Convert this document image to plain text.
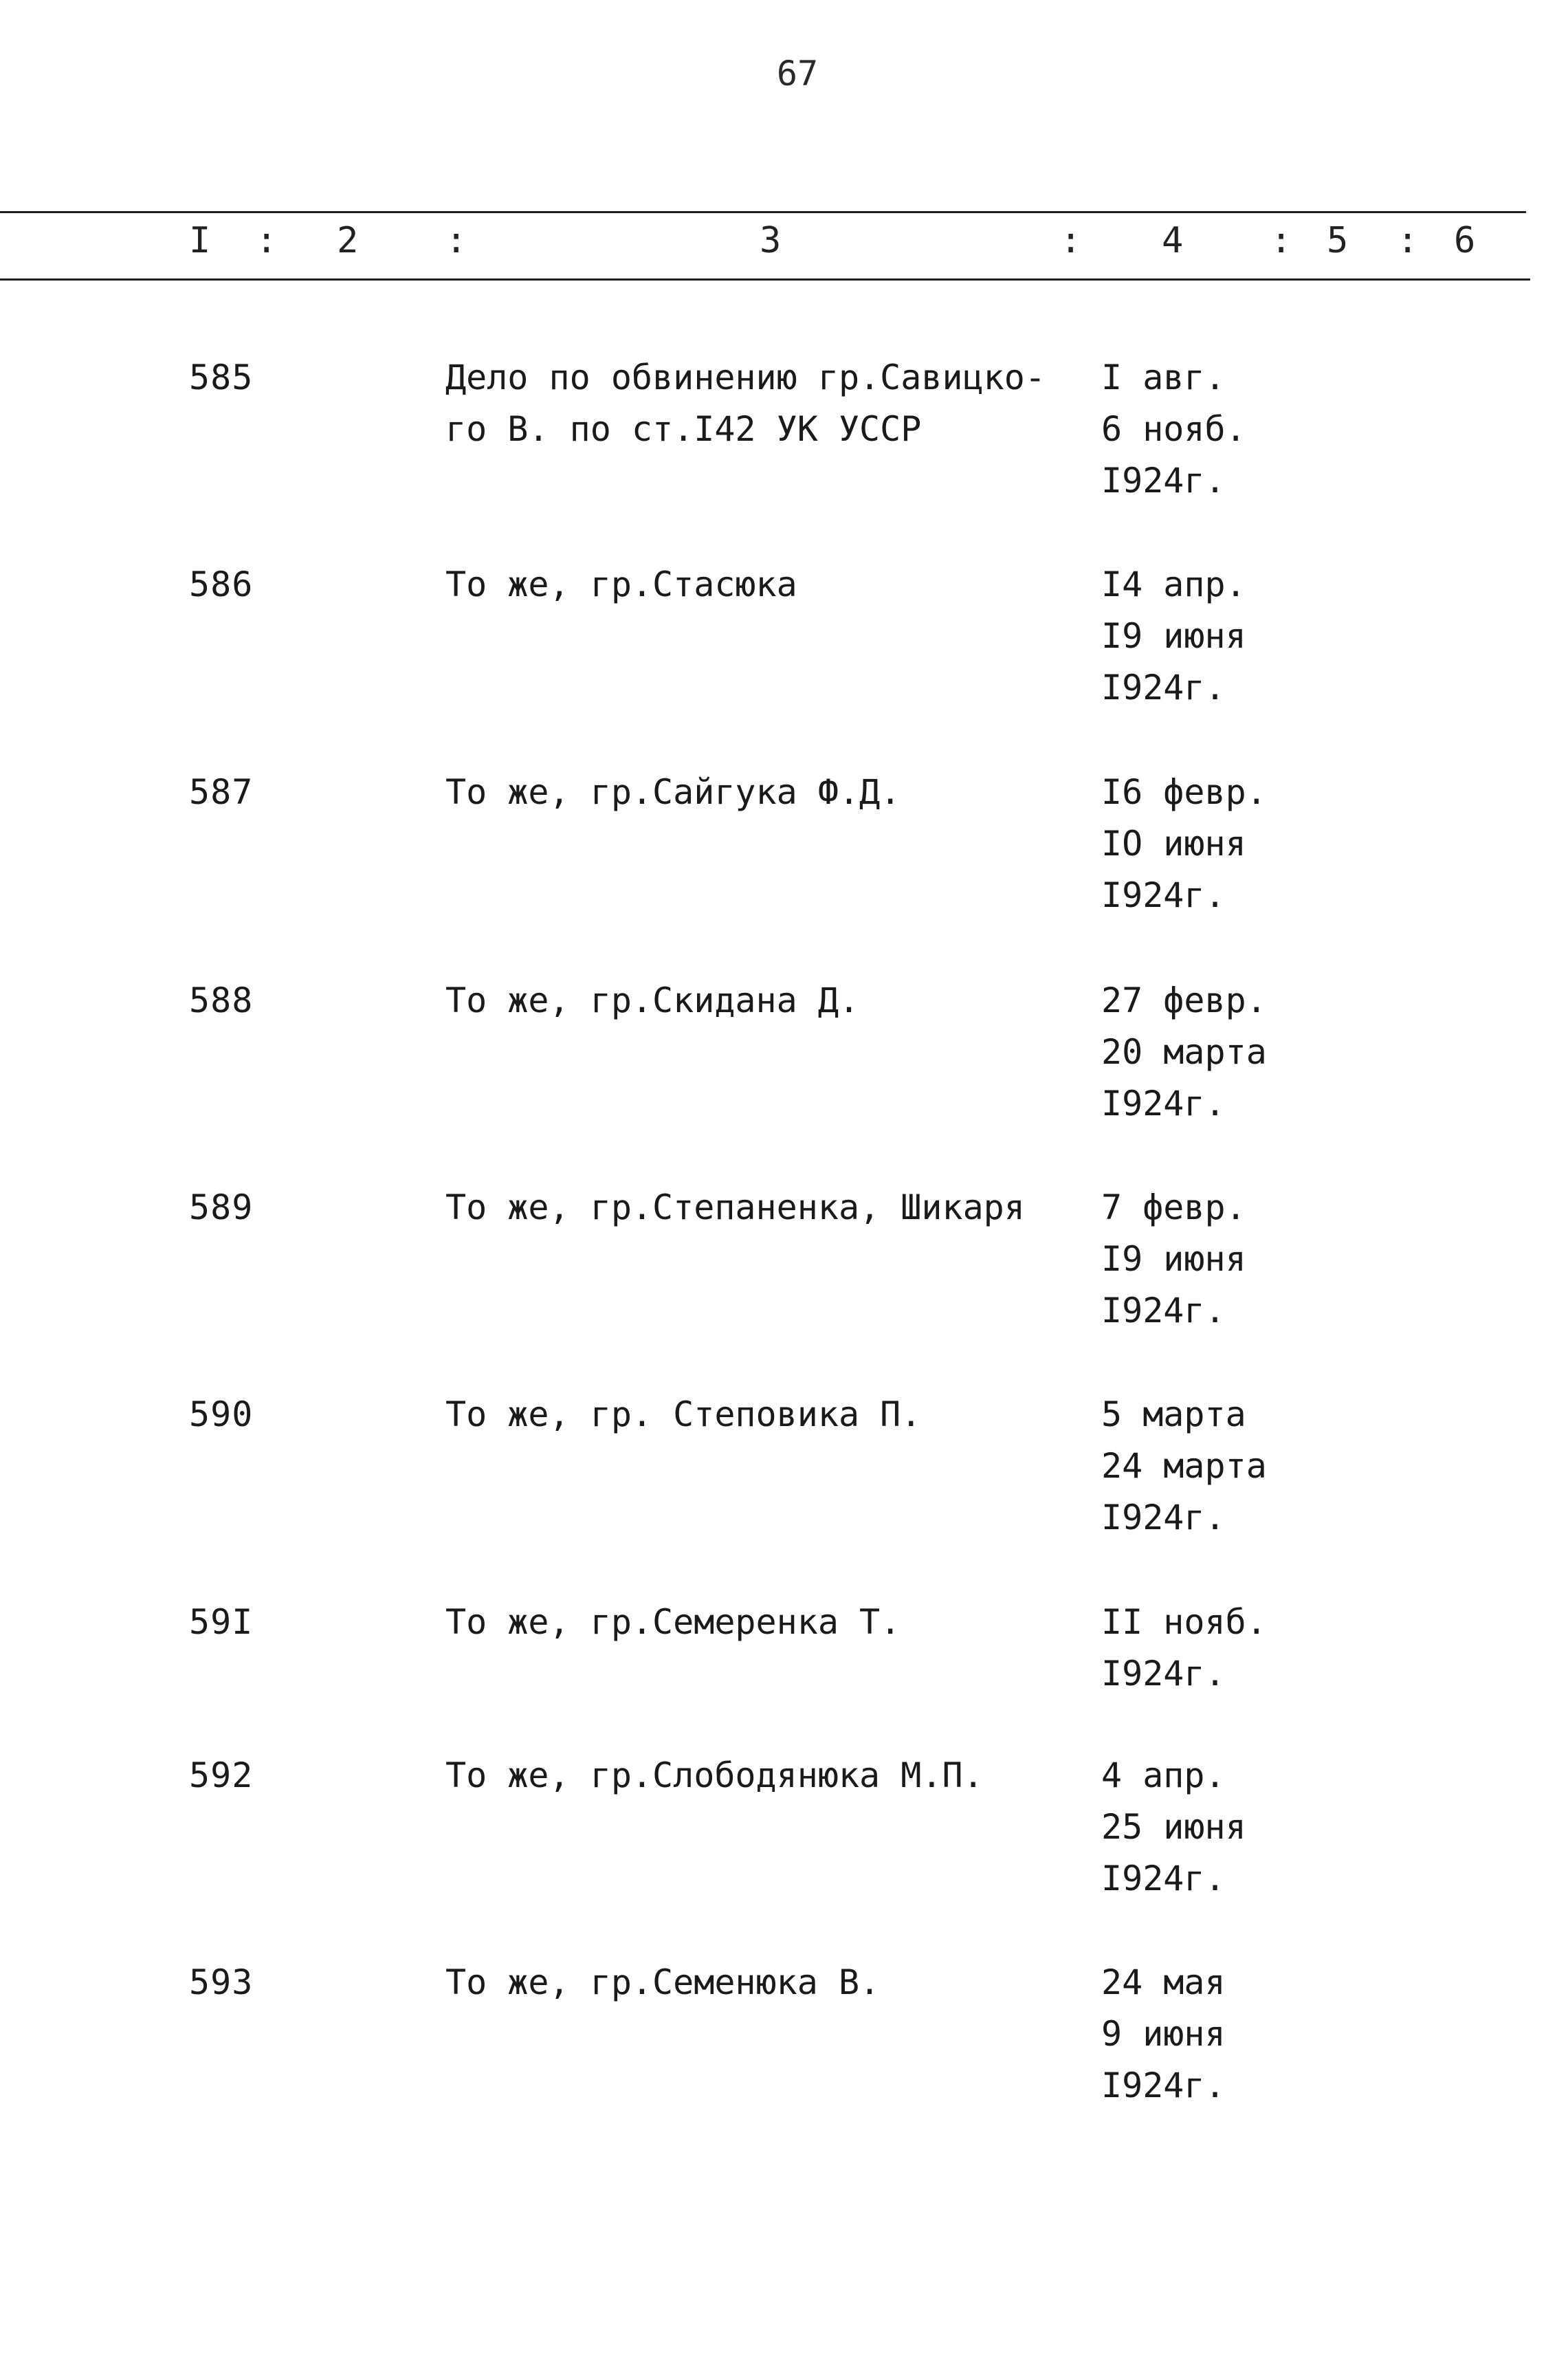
67
I : 2 :	3	: 4 : 5 : 6
585	Дело по обвинению гр.Савицко-
го В. по ст.I42 УК УССР
I авг.
6 нояб.
I924г.
586	То же, гр.Стасюка	I4 апр.
I9 июня
I924г.
587	То же, гр.Сайгука Ф.Д.	I6 февр.
IO июня
I924г.
588	То же, гр.Скидана Д.	27 февр.
20 марта
I924г.
589	То же, гр.Степаненка, Шикаря	7 февр.
I9 июня
I924г.
590	То же, гр. Степовика П.	5 марта
24 марта
I924г.
59I	То же, гр.Семеренка Т.	II нояб.
I924г.
592	То же, гр.Слободянюка М.П.	4 апр.
25 июня
I924г.
593	То же, гр.Семенюка В.	24 мая
9 июня
I924г.
